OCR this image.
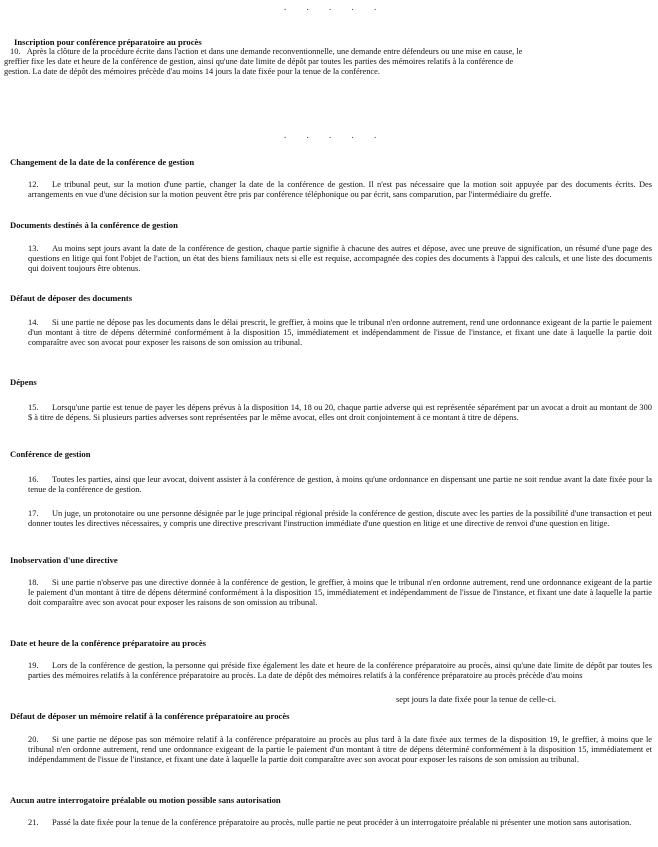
. . . . .
Inscription pour conférence préparatoire au procès
10. Après la clôture de la procédure écrite dans l'action et dans une demande reconventionnelle, une demande entre défendeurs ou une mise en cause, le greffier fixe les date et heure de la conférence de gestion, ainsi qu'une date limite de dépôt par toutes les parties des mémoires relatifs à la conférence de gestion. La date de dépôt des mémoires précède d'au moins 14 jours la date fixée pour la tenue de la conférence.
. . . . .
Changement de la date de la conférence de gestion
12. Le tribunal peut, sur la motion d'une partie, changer la date de la conférence de gestion. Il n'est pas nécessaire que la motion soit appuyée par des documents écrits. Des arrangements en vue d'une décision sur la motion peuvent être pris par conférence téléphonique ou par écrit, sans comparution, par l'intermédiaire du greffe.
Documents destinés à la conférence de gestion
13. Au moins sept jours avant la date de la conférence de gestion, chaque partie signifie à chacune des autres et dépose, avec une preuve de signification, un résumé d'une page des questions en litige qui font l'objet de l'action, un état des biens familiaux nets si elle est requise, accompagnée des copies des documents à l'appui des calculs, et une liste des documents qui doivent toujours être obtenus.
Défaut de déposer des documents
14. Si une partie ne dépose pas les documents dans le délai prescrit, le greffier, à moins que le tribunal n'en ordonne autrement, rend une ordonnance exigeant de la partie le paiement d'un montant à titre de dépens déterminé conformément à la disposition 15, immédiatement et indépendamment de l'issue de l'instance, et fixant une date à laquelle la partie doit comparaître avec son avocat pour exposer les raisons de son omission au tribunal.
Dépens
15. Lorsqu'une partie est tenue de payer les dépens prévus à la disposition 14, 18 ou 20, chaque partie adverse qui est représentée séparément par un avocat a droit au montant de 300 $ à titre de dépens. Si plusieurs parties adverses sont représentées par le même avocat, elles ont droit conjointement à ce montant à titre de dépens.
Conférence de gestion
16. Toutes les parties, ainsi que leur avocat, doivent assister à la conférence de gestion, à moins qu'une ordonnance en dispensant une partie ne soit rendue avant la date fixée pour la tenue de la conférence de gestion.
17. Un juge, un protonotaire ou une personne désignée par le juge principal régional préside la conférence de gestion, discute avec les parties de la possibilité d'une transaction et peut donner toutes les directives nécessaires, y compris une directive prescrivant l'instruction immédiate d'une question en litige et une directive de renvoi d'une question en litige.
Inobservation d'une directive
18. Si une partie n'observe pas une directive donnée à la conférence de gestion, le greffier, à moins que le tribunal n'en ordonne autrement, rend une ordonnance exigeant de la partie le paiement d'un montant à titre de dépens déterminé conformément à la disposition 15, immédiatement et indépendamment de l'issue de l'instance, et fixant une date à laquelle la partie doit comparaître avec son avocat pour exposer les raisons de son omission au tribunal.
Date et heure de la conférence préparatoire au procès
19. Lors de la conférence de gestion, la personne qui préside fixe également les date et heure de la conférence préparatoire au procès, ainsi qu'une date limite de dépôt par toutes les parties des mémoires relatifs à la conférence préparatoire au procès. La date de dépôt des mémoires relatifs à la conférence préparatoire au procès précède d'au moins
sept jours la date fixée pour la tenue de celle-ci.
Défaut de déposer un mémoire relatif à la conférence préparatoire au procès
20. Si une partie ne dépose pas son mémoire relatif à la conférence préparatoire au procès au plus tard à la date fixée aux termes de la disposition 19, le greffier, à moins que le tribunal n'en ordonne autrement, rend une ordonnance exigeant de la partie le paiement d'un montant à titre de dépens déterminé conformément à la disposition 15, immédiatement et indépendamment de l'issue de l'instance, et fixant une date à laquelle la partie doit comparaître avec son avocat pour exposer les raisons de son omission au tribunal.
Aucun autre interrogatoire préalable ou motion possible sans autorisation
21. Passé la date fixée pour la tenue de la conférence préparatoire au procès, nulle partie ne peut procéder à un interrogatoire préalable ni présenter une motion sans autorisation.
